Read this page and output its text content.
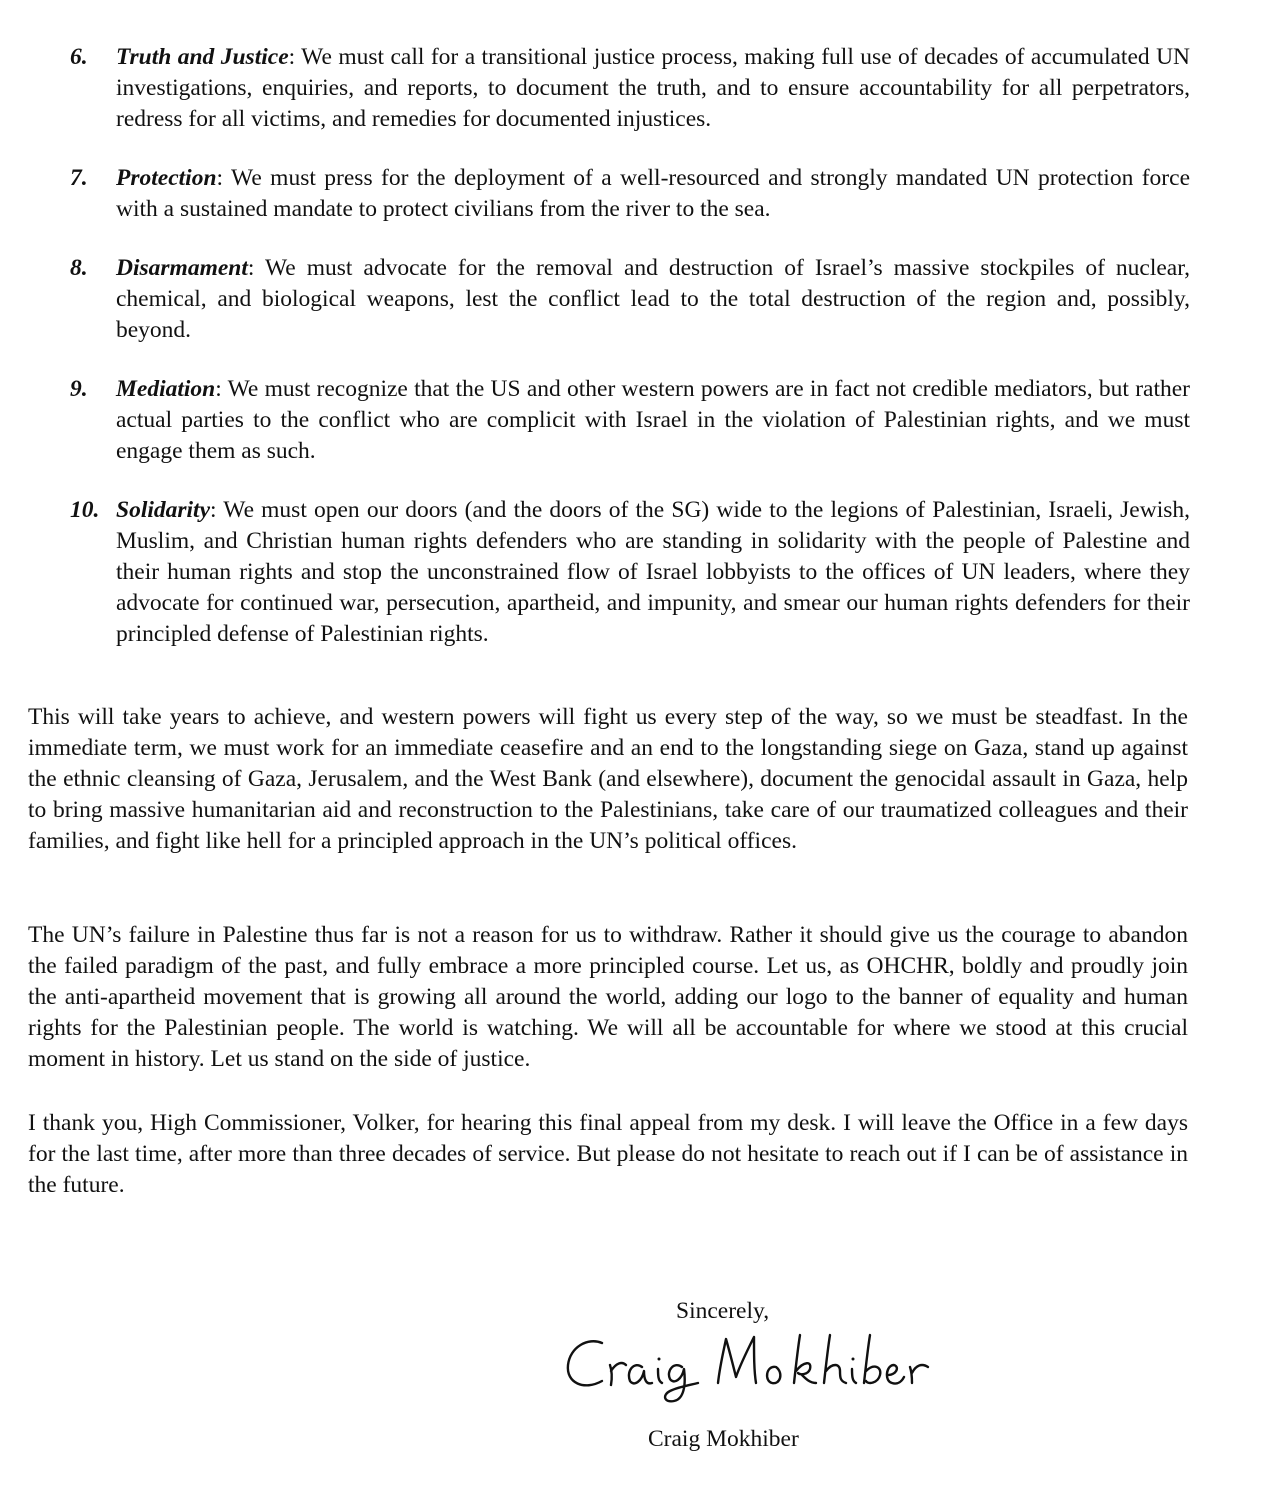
6. Truth and Justice: We must call for a transitional justice process, making full use of decades of accumulated UN investigations, enquiries, and reports, to document the truth, and to ensure accountability for all perpetrators, redress for all victims, and remedies for documented injustices.
7. Protection: We must press for the deployment of a well-resourced and strongly mandated UN protection force with a sustained mandate to protect civilians from the river to the sea.
8. Disarmament: We must advocate for the removal and destruction of Israel’s massive stockpiles of nuclear, chemical, and biological weapons, lest the conflict lead to the total destruction of the region and, possibly, beyond.
9. Mediation: We must recognize that the US and other western powers are in fact not credible mediators, but rather actual parties to the conflict who are complicit with Israel in the violation of Palestinian rights, and we must engage them as such.
10. Solidarity: We must open our doors (and the doors of the SG) wide to the legions of Palestinian, Israeli, Jewish, Muslim, and Christian human rights defenders who are standing in solidarity with the people of Palestine and their human rights and stop the unconstrained flow of Israel lobbyists to the offices of UN leaders, where they advocate for continued war, persecution, apartheid, and impunity, and smear our human rights defenders for their principled defense of Palestinian rights.

This will take years to achieve, and western powers will fight us every step of the way, so we must be steadfast. In the immediate term, we must work for an immediate ceasefire and an end to the longstanding siege on Gaza, stand up against the ethnic cleansing of Gaza, Jerusalem, and the West Bank (and elsewhere), document the genocidal assault in Gaza, help to bring massive humanitarian aid and reconstruction to the Palestinians, take care of our traumatized colleagues and their families, and fight like hell for a principled approach in the UN’s political offices.

The UN’s failure in Palestine thus far is not a reason for us to withdraw. Rather it should give us the courage to abandon the failed paradigm of the past, and fully embrace a more principled course. Let us, as OHCHR, boldly and proudly join the anti-apartheid movement that is growing all around the world, adding our logo to the banner of equality and human rights for the Palestinian people. The world is watching. We will all be accountable for where we stood at this crucial moment in history. Let us stand on the side of justice.

I thank you, High Commissioner, Volker, for hearing this final appeal from my desk. I will leave the Office in a few days for the last time, after more than three decades of service. But please do not hesitate to reach out if I can be of assistance in the future.

Sincerely,
Craig Mokhiber
